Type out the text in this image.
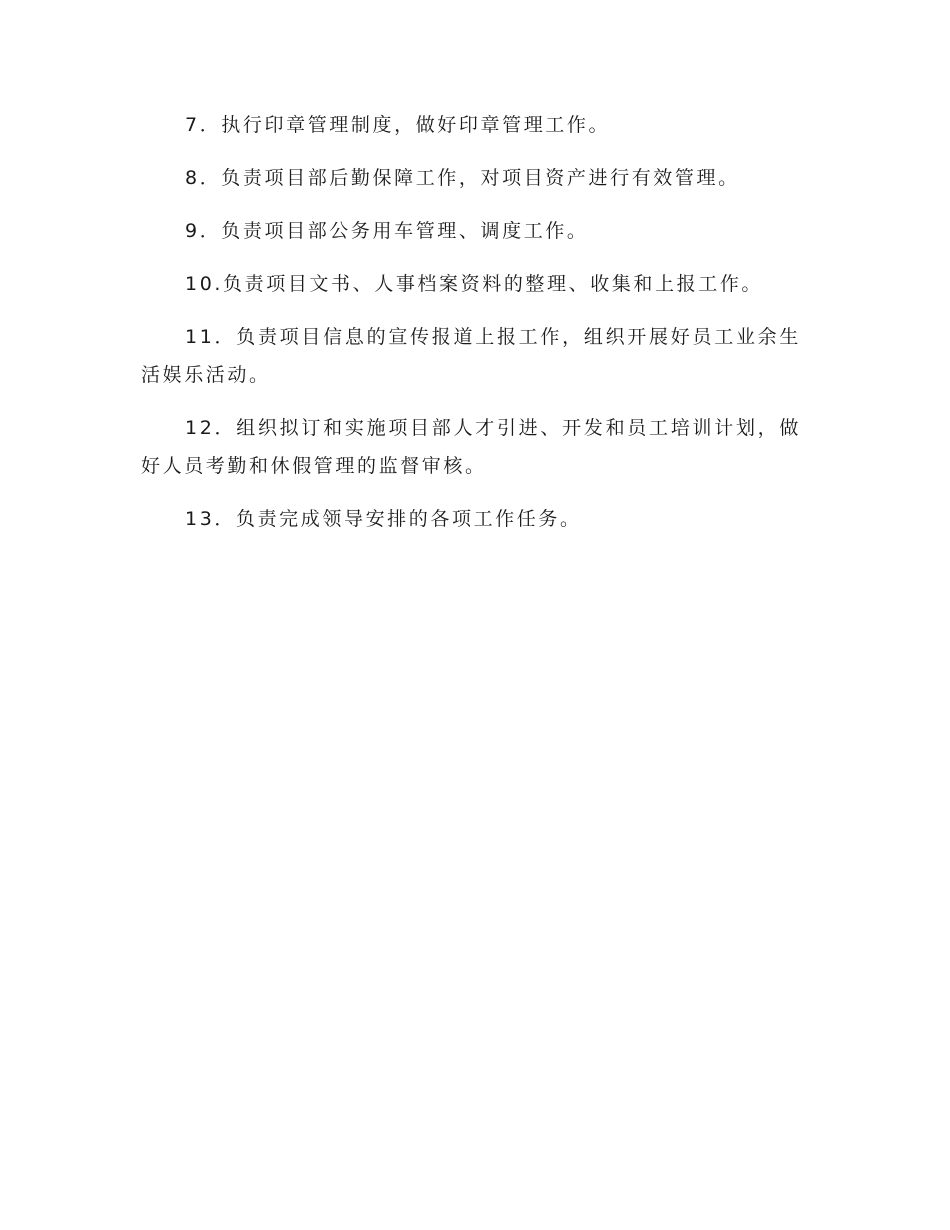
7．执行印章管理制度，做好印章管理工作。

8．负责项目部后勤保障工作，对项目资产进行有效管理。

9．负责项目部公务用车管理、调度工作。

10.负责项目文书、人事档案资料的整理、收集和上报工作。

11．负责项目信息的宣传报道上报工作，组织开展好员工业余生活娱乐活动。

12．组织拟订和实施项目部人才引进、开发和员工培训计划，做好人员考勤和休假管理的监督审核。

13．负责完成领导安排的各项工作任务。
